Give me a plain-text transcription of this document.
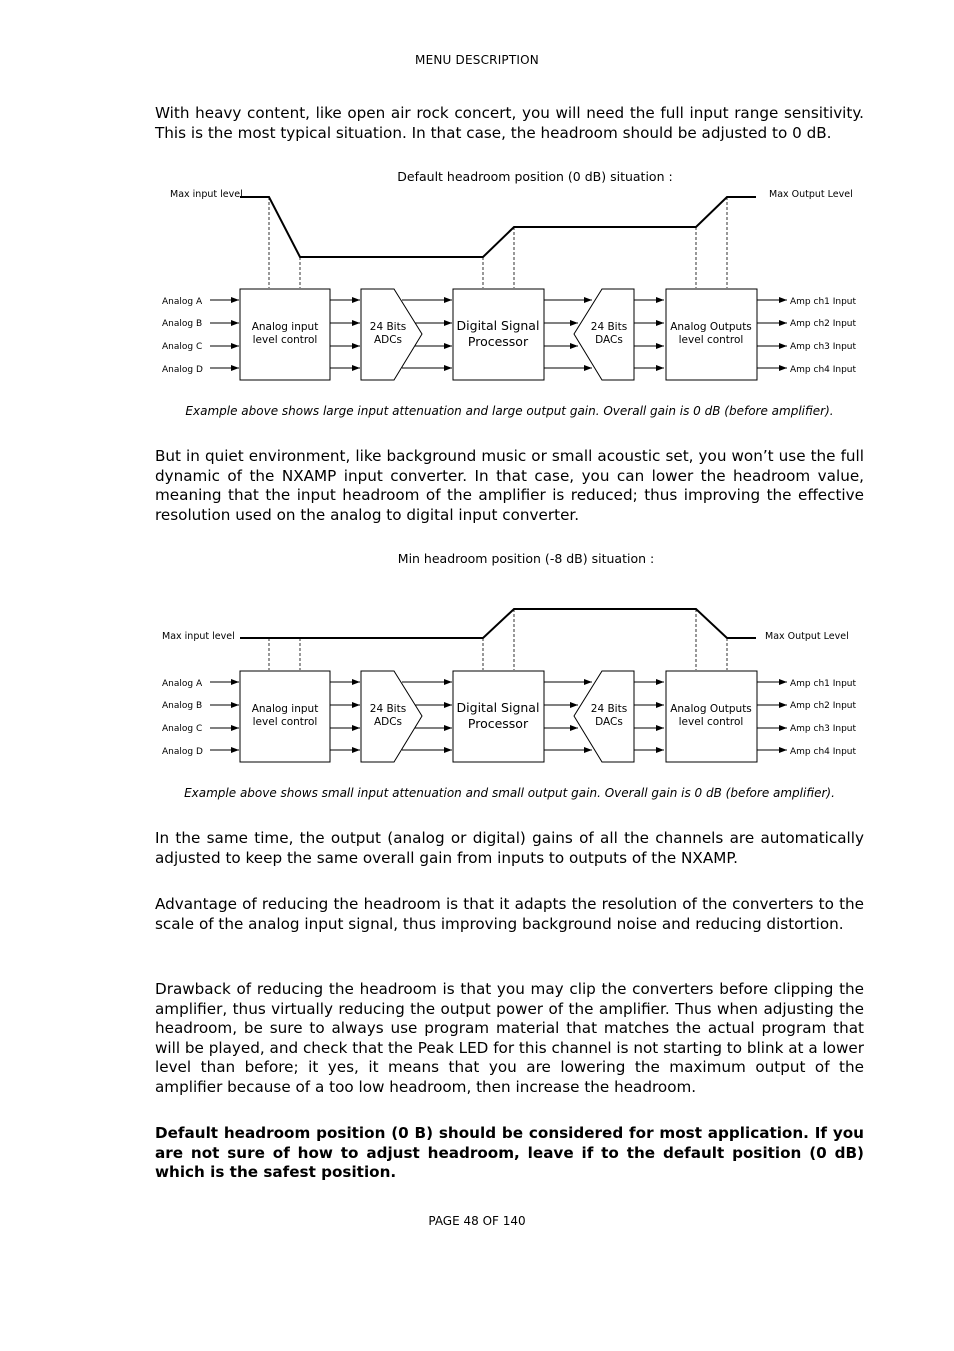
MENU DESCRIPTION

With heavy content, like open air rock concert, you will need the full input range sensitivity. This is the most typical situation. In that case, the headroom should be adjusted to 0 dB.

Default headroom position (0 dB) situation :
Max input level	Max Output Level
Analog A
Analog B
Analog C
Analog D
Analog input
level control
24 Bits
ADCs
Digital Signal
Processor
24 Bits
DACs
Analog Outputs
level control
Amp ch1 Input
Amp ch2 Input
Amp ch3 Input
Amp ch4 Input
Example above shows large input attenuation and large output gain. Overall gain is 0 dB (before amplifier).

But in quiet environment, like background music or small acoustic set, you won’t use the full dynamic of the NXAMP input converter. In that case, you can lower the headroom value, meaning that the input headroom of the amplifier is reduced; thus improving the effective resolution used on the analog to digital input converter.

Min headroom position (-8 dB) situation :
Max input level	Max Output Level
Analog A
Analog B
Analog C
Analog D
Analog input
level control
24 Bits
ADCs
Digital Signal
Processor
24 Bits
DACs
Analog Outputs
level control
Amp ch1 Input
Amp ch2 Input
Amp ch3 Input
Amp ch4 Input
Example above shows small input attenuation and small output gain. Overall gain is 0 dB (before amplifier).

In the same time, the output (analog or digital) gains of all the channels are automatically adjusted to keep the same overall gain from inputs to outputs of the NXAMP.

Advantage of reducing the headroom is that it adapts the resolution of the converters to the scale of the analog input signal, thus improving background noise and reducing distortion.

Drawback of reducing the headroom is that you may clip the converters before clipping the amplifier, thus virtually reducing the output power of the amplifier. Thus when adjusting the headroom, be sure to always use program material that matches the actual program that will be played, and check that the Peak LED for this channel is not starting to blink at a lower level than before; it yes, it means that you are lowering the maximum output of the amplifier because of a too low headroom, then increase the headroom.

Default headroom position (0 B) should be considered for most application. If you are not sure of how to adjust headroom, leave if to the default position (0 dB) which is the safest position.

PAGE 48 OF 140
